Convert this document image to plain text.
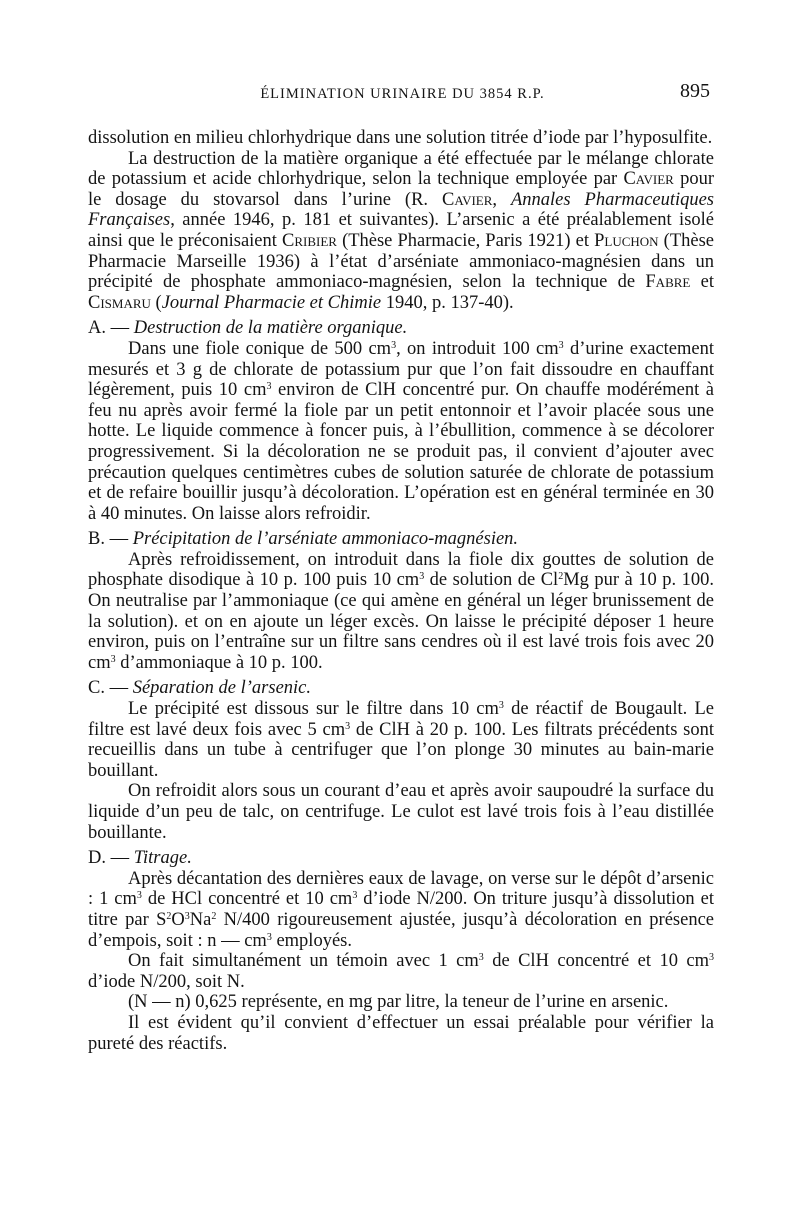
ÉLIMINATION URINAIRE DU 3854 R.P.	895

dissolution en milieu chlorhydrique dans une solution titrée d’iode par l’hyposulfite.

La destruction de la matière organique a été effectuée par le mélange chlorate de potassium et acide chlorhydrique, selon la technique employée par Cavier pour le dosage du stovarsol dans l’urine (R. Cavier, Annales Pharmaceutiques Françaises, année 1946, p. 181 et suivantes). L’arsenic a été préalablement isolé ainsi que le préconisaient Cribier (Thèse Pharmacie, Paris 1921) et Pluchon (Thèse Pharmacie Marseille 1936) à l’état d’arséniate ammoniaco-magnésien dans un précipité de phosphate ammoniaco-magnésien, selon la technique de Fabre et Cismaru (Journal Pharmacie et Chimie 1940, p. 137-40).

A. — Destruction de la matière organique.

Dans une fiole conique de 500 $cm^3$, on introduit 100 $cm^3$ d’urine exactement mesurés et 3 g de chlorate de potassium pur que l’on fait dissoudre en chauffant légèrement, puis 10 $cm^3$ environ de ClH concentré pur. On chauffe modérément à feu nu après avoir fermé la fiole par un petit entonnoir et l’avoir placée sous une hotte. Le liquide commence à foncer puis, à l’ébullition, commence à se décolorer progressivement. Si la décoloration ne se produit pas, il convient d’ajouter avec précaution quelques centimètres cubes de solution saturée de chlorate de potassium et de refaire bouillir jusqu’à décoloration. L’opération est en général terminée en 30 à 40 minutes. On laisse alors refroidir.

B. — Précipitation de l’arséniate ammoniaco-magnésien.

Après refroidissement, on introduit dans la fiole dix gouttes de solution de phosphate disodique à 10 p. 100 puis 10 $cm^3$ de solution de Cl$^2$Mg pur à 10 p. 100. On neutralise par l’ammoniaque (ce qui amène en général un léger brunissement de la solution). et on en ajoute un léger excès. On laisse le précipité déposer 1 heure environ, puis on l’entraîne sur un filtre sans cendres où il est lavé trois fois avec 20 $cm^3$ d’ammoniaque à 10 p. 100.

C. — Séparation de l’arsenic.

Le précipité est dissous sur le filtre dans 10 $cm^3$ de réactif de Bougault. Le filtre est lavé deux fois avec 5 $cm^3$ de ClH à 20 p. 100. Les filtrats précédents sont recueillis dans un tube à centrifuger que l’on plonge 30 minutes au bain-marie bouillant.

On refroidit alors sous un courant d’eau et après avoir saupoudré la surface du liquide d’un peu de talc, on centrifuge. Le culot est lavé trois fois à l’eau distillée bouillante.

D. — Titrage.

Après décantation des dernières eaux de lavage, on verse sur le dépôt d’arsenic : 1 $cm^3$ de HCl concentré et 10 $cm^3$ d’iode N/200. On triture jusqu’à dissolution et titre par $S^2O^3Na^2$ N/400 rigoureusement ajustée, jusqu’à décoloration en présence d’empois, soit : n — $cm^3$ employés.

On fait simultanément un témoin avec 1 $cm^3$ de ClH concentré et 10 $cm^3$ d’iode N/200, soit N.

(N — n) 0,625 représente, en mg par litre, la teneur de l’urine en arsenic.

Il est évident qu’il convient d’effectuer un essai préalable pour vérifier la pureté des réactifs.
